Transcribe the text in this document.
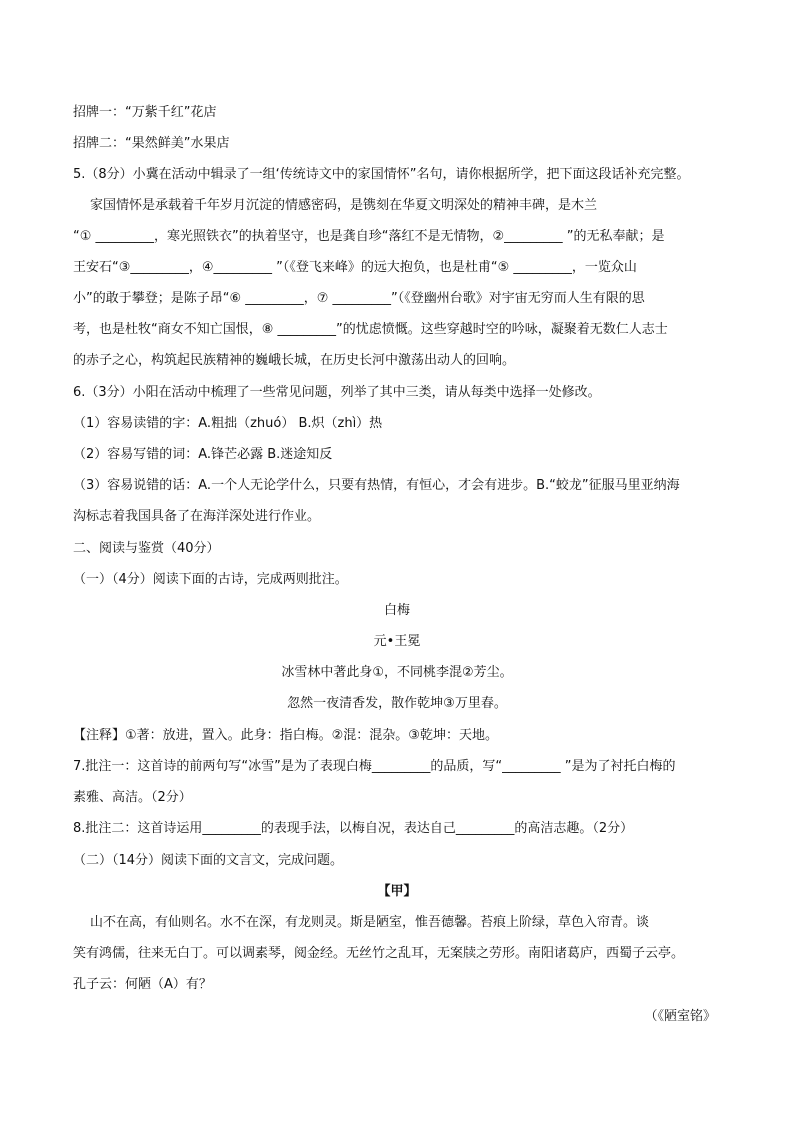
招牌一：“万紫千红”花店
招牌二：“果然鲜美”水果店
5.（8分）小冀在活动中辑录了一组‘传统诗文中的家国情怀”名句，请你根据所学，把下面这段话补充完整。
家国情怀是承载着千年岁月沉淀的情感密码，是镌刻在华夏文明深处的精神丰碑，是木兰
“① _________，寒光照铁衣”的执着坚守，也是龚自珍“落红不是无情物，②_________ ”的无私奉献；是
王安石“③_________，④_________ ”（《登飞来峰》的远大抱负，也是杜甫“⑤ _________，一览众山
小”的敢于攀登；是陈子昂“⑥ _________，⑦ _________”（《登幽州台歌》对宇宙无穷而人生有限的思
考，也是杜牧“商女不知亡国恨，⑧ _________”的忧虑愤慨。这些穿越时空的吟咏，凝聚着无数仁人志士
的赤子之心，构筑起民族精神的巍峨长城，在历史长河中激荡出动人的回响。
6.（3分）小阳在活动中梳理了一些常见问题，列举了其中三类，请从每类中选择一处修改。
（1）容易读错的字：A.粗拙（zhuó） B.炽（zhì）热
（2）容易写错的词：A.锋芒必露 B.迷途知反
（3）容易说错的话：A.一个人无论学什么，只要有热情，有恒心，才会有进步。B.“蛟龙”征服马里亚纳海
沟标志着我国具备了在海洋深处进行作业。
二、阅读与鉴赏（40分）
（一）（4分）阅读下面的古诗，完成两则批注。
白梅
元•王冕
冰雪林中著此身①，不同桃李混②芳尘。
忽然一夜清香发，散作乾坤③万里春。
【注释】①著：放进，置入。此身：指白梅。②混：混杂。③乾坤：天地。
7.批注一：这首诗的前两句写“冰雪”是为了表现白梅_________的品质，写“_________ ”是为了衬托白梅的
素雅、高洁。（2分）
8.批注二：这首诗运用_________的表现手法，以梅自况，表达自己_________的高洁志趣。（2分）
（二）（14分）阅读下面的文言文，完成问题。
【甲】
山不在高，有仙则名。水不在深，有龙则灵。斯是陋室，惟吾德馨。苔痕上阶绿，草色入帘青。谈
笑有鸿儒，往来无白丁。可以调素琴，阅金经。无丝竹之乱耳，无案牍之劳形。南阳诸葛庐，西蜀子云亭。
孔子云：何陋（A）有？
（《陋室铭》
